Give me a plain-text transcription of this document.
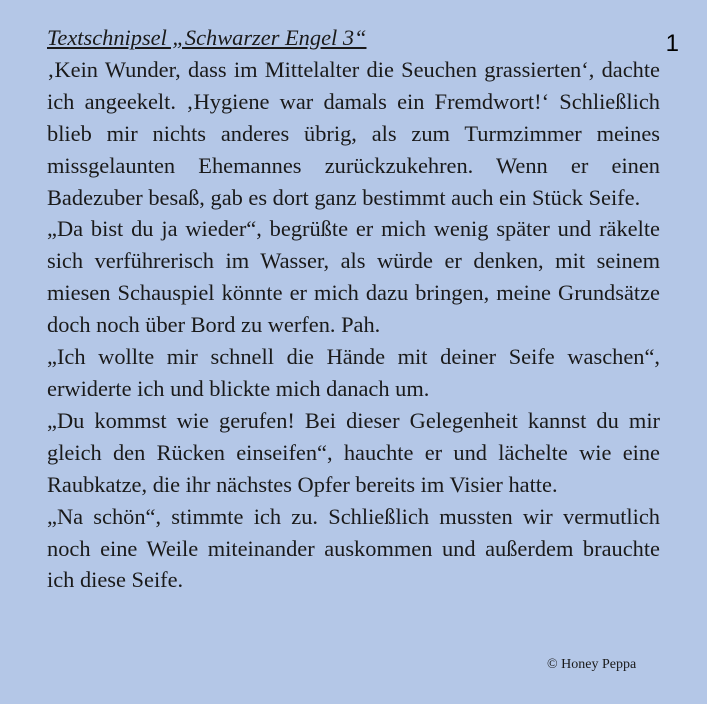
1
Textschnipsel „Schwarzer Engel 3“

‚Kein Wunder, dass im Mittelalter die Seuchen grassierten‘, dachte ich angeekelt. ‚Hygiene war damals ein Fremdwort!‘ Schließlich blieb mir nichts anderes übrig, als zum Turmzimmer meines missgelaunten Ehemannes zurückzukehren. Wenn er einen Badezuber besaß, gab es dort ganz bestimmt auch ein Stück Seife.

„Da bist du ja wieder“, begrüßte er mich wenig später und räkelte sich verführerisch im Wasser, als würde er denken, mit seinem miesen Schauspiel könnte er mich dazu bringen, meine Grundsätze doch noch über Bord zu werfen. Pah.

„Ich wollte mir schnell die Hände mit deiner Seife waschen“, erwiderte ich und blickte mich danach um.

„Du kommst wie gerufen! Bei dieser Gelegenheit kannst du mir gleich den Rücken einseifen“, hauchte er und lächelte wie eine Raubkatze, die ihr nächstes Opfer bereits im Visier hatte.

„Na schön“, stimmte ich zu. Schließlich mussten wir vermutlich noch eine Weile miteinander auskommen und außerdem brauchte ich diese Seife.

© Honey Peppa
